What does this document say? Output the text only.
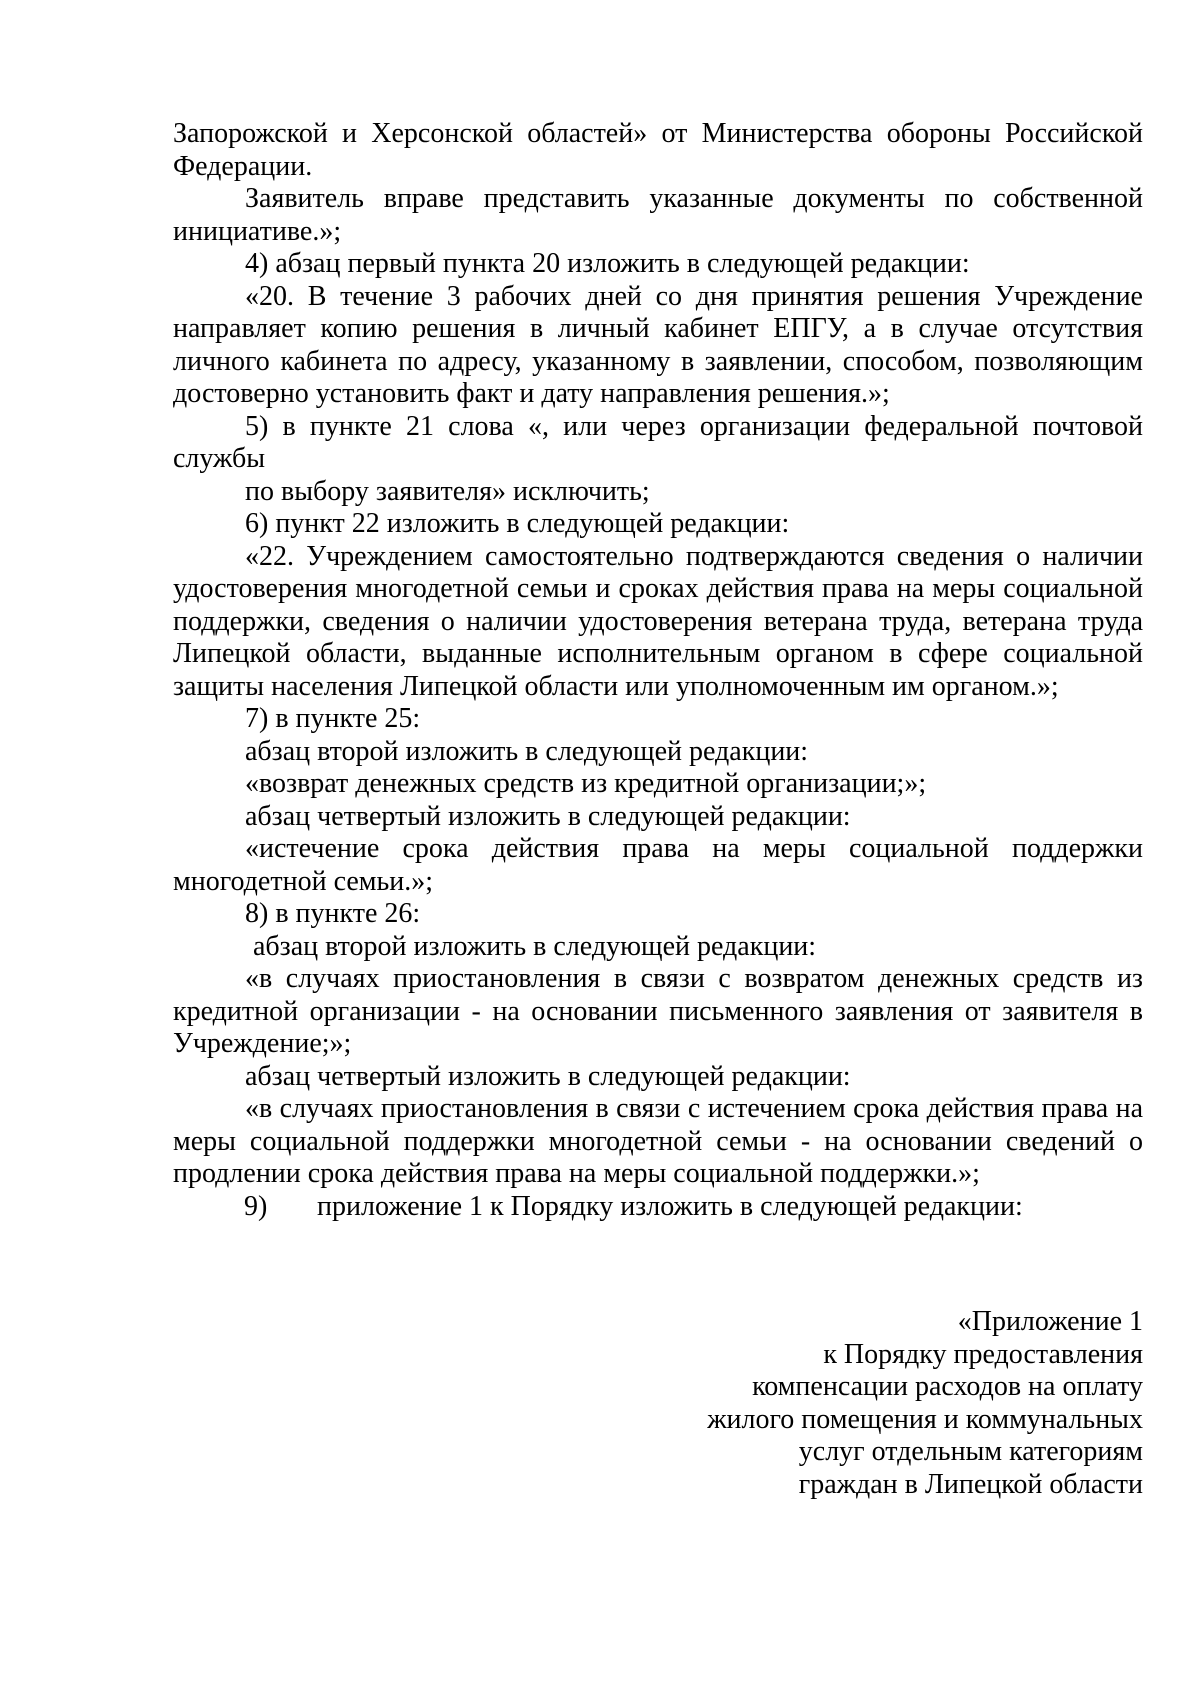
Запорожской и Херсонской областей» от Министерства обороны Российской Федерации.

Заявитель вправе представить указанные документы по собственной инициативе.»;

4) абзац первый пункта 20 изложить в следующей редакции:

«20. В течение 3 рабочих дней со дня принятия решения Учреждение направляет копию решения в личный кабинет ЕПГУ, а в случае отсутствия личного кабинета по адресу, указанному в заявлении, способом, позволяющим достоверно установить факт и дату направления решения.»;

5) в пункте 21 слова «, или через организации федеральной почтовой

службы

по выбору заявителя» исключить;

6) пункт 22 изложить в следующей редакции:

«22. Учреждением самостоятельно подтверждаются сведения о наличии удостоверения многодетной семьи и сроках действия права на меры социальной поддержки, сведения о наличии удостоверения ветерана труда, ветерана труда Липецкой области, выданные исполнительным органом в сфере социальной защиты населения Липецкой области или уполномоченным им органом.»;

7) в пункте 25:

абзац второй изложить в следующей редакции:

«возврат денежных средств из кредитной организации;»;

абзац четвертый изложить в следующей редакции:

«истечение срока действия права на меры социальной поддержки многодетной семьи.»;

8) в пункте 26:

абзац второй изложить в следующей редакции:

«в случаях приостановления в связи с возвратом денежных средств из кредитной организации - на основании письменного заявления от заявителя в Учреждение;»;

абзац четвертый изложить в следующей редакции:

«в случаях приостановления в связи с истечением срока действия права на меры социальной поддержки многодетной семьи - на основании сведений о продлении срока действия права на меры социальной поддержки.»;

9) приложение 1 к Порядку изложить в следующей редакции:

«Приложение 1
к Порядку предоставления
компенсации расходов на оплату
жилого помещения и коммунальных
услуг отдельным категориям
граждан в Липецкой области
